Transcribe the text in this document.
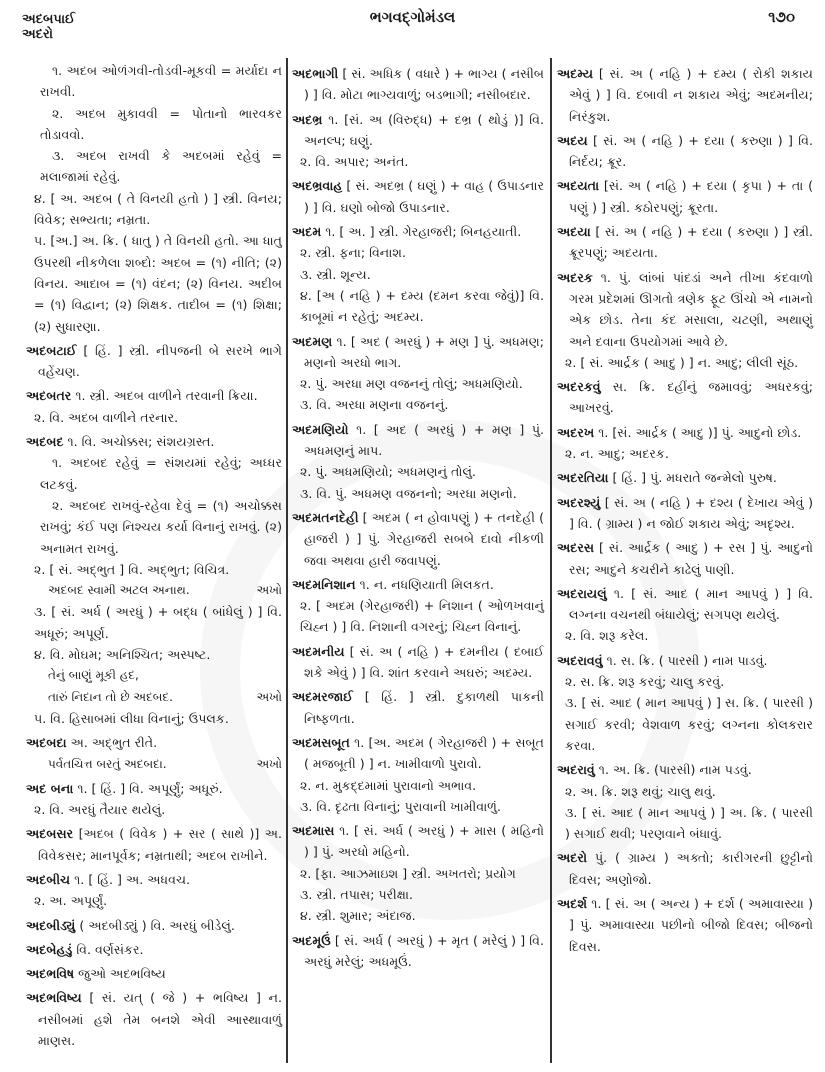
અદબપાઈ
અદરો
ભગવદ્ગોમંડલ	૧૭૦

૧. અદબ ઓળંગવી-તોડવી-મૂકવી = મર્યાદા ન રાખવી.

૨. અદબ મુકાવવી = પોતાનો ભારવકર તોડાવવો.

૩. અદબ રાખવી કે અદબમાં રહેવું = મલાજામાં રહેવું.

૪. [ અ. અદબ ( તે વિનયી હતો ) ] સ્ત્રી. વિનય; વિવેક; સભ્યતા; નમ્રતા.

૫. [અ.] અ. ક્રિ. ( ધાતુ ) તે વિનયી હતો. આ ધાતુ ઉપરથી નીકળેલા શબ્દો: અદબ = (૧) નીતિ; (૨) વિનય. આદાબ = (૧) વંદન; (૨) વિનય. અદીબ = (૧) વિદ્વાન; (૨) શિક્ષક. તાદીબ = (૧) શિક્ષા; (૨) સુધારણા.

અદબટાઈ [ હિં. ] સ્ત્રી. નીપજની બે સરખે ભાગે વહેંચણ.

અદબતર ૧. સ્ત્રી. અદબ વાળીને તરવાની ક્રિયા.

૨. વિ. અદબ વાળીને તરનાર.

અદબદ ૧. વિ. અચોક્કસ; સંશયગ્રસ્ત.

૧. અદબદ રહેવું = સંશયમાં રહેવું; અધ્ધર લટકવું.

૨. અદબદ રાખવું-રહેવા દેવું = (૧) અચોક્કસ રાખવું; કંઈ પણ નિશ્ચય કર્યા વિનાનું રાખવું. (૨) અનામત રાખવું.

૨. [ સં. અદ્ભુત ] વિ. અદ્ભુત; વિચિત્ર.

અદબદ સ્વામી અટલ અનાથ.	અખો

૩. [ સં. અર્ધ ( અરધું ) + બદ્ધ ( બાંધેલું ) ] વિ. અધૂરું; અપૂર્ણ.

૪. વિ. મોઘમ; અનિશ્ચિત; અસ્પષ્ટ.

તેનું બાણું મૂકી હદ,

તારું નિદાન તો છે અદબદ.	અખો

૫. વિ. હિસાબમાં લીધા વિનાનું; ઉપલક.

અદબદા અ. અદ્ભુત રીતે.

પર્વતચિત્ત બરતું અદબદા.	અખો

અદ બના ૧. [ હિં. ] વિ. અપૂર્ણું; અધૂરું.

૨. વિ. અરધું તૈયાર થયેલું.

અદબસર [અદબ ( વિવેક ) + સર ( સાથે )] અ. વિવેકસર; માનપૂર્વક; નમ્રતાથી; અદબ રાખીને.

અદબીચ ૧. [ હિં. ] અ. અધવચ.

૨. અ. અપૂર્ણું.

અદબીડ્યું ( અદબીડ્યું ) વિ. અરધું બીડેલું.

અદબેહડું વિ. વર્ણસંકર.

અદભવિષ જુઓ અદભવિષ્ય

અદભવિષ્ય [ સં. યત્ ( જે ) + ભવિષ્ય ] ન. નસીબમાં હશે તેમ બનશે એવી આસ્થાવાળું માણસ.

અદભાગી [ સં. અધિક ( વધારે ) + ભાગ્ય ( નસીબ ) ] વિ. મોટા ભાગ્યવાળું; બડભાગી; નસીબદાર.

અદભ્ર ૧. [સં. અ (વિરુદ્ધ) + દભ્ર ( થોડું )] વિ. અનલ્પ; ઘણું.

૨. વિ. અપાર; અનંત.

અદભ્રવાહ [ સં. અદભ્ર ( ઘણું ) + વાહ ( ઉપાડનાર ) ] વિ. ઘણો બોજો ઉપાડનાર.

અદમ ૧. [ અ. ] સ્ત્રી. ગેરહાજરી; બિનહયાતી.

૨. સ્ત્રી. ફના; વિનાશ.

૩. સ્ત્રી. શૂન્ય.

૪. [અ ( નહિ ) + દમ્ય (દમન કરવા જેવું)] વિ. કાબૂમાં ન રહેતું; અદમ્ય.

અદમણ ૧. [ અદ ( અરધું ) + મણ ] પું. અધમણ; મણનો અરધો ભાગ.

૨. પું. અરધા મણ વજનનું તોલું; અધમણિયો.

૩. વિ. અરધા મણના વજનનું.

અદમણિયો ૧. [ અદ ( અરધું ) + મણ ] પું. અધમણનું માપ.

૨. પું. અધમણિયો; અધમણનું તોલું.

૩. વિ. પું. અધમણ વજનનો; અરધા મણનો.

અદમતનદેહી [ અદમ ( ન હોવાપણું ) + તનદેહી ( હાજરી ) ] પું. ગેરહાજરી સબબે દાવો નીકળી જવા અથવા હારી જવાપણું.

અદમનિશાન ૧. ન. નધણિયાતી મિલકત.

૨. [ અદમ (ગેરહાજરી) + નિશાન ( ઓળખવાનું ચિહ્ન ) ] વિ. નિશાની વગરનું; ચિહ્ન વિનાનું.

અદમનીય [ સં. અ ( નહિ ) + દમનીય ( દબાઈ શકે એવું ) ] વિ. શાંત કરવાને અઘરું; અદમ્ય.

અદમરજાઈ [ હિં. ] સ્ત્રી. દુકાળથી પાકની નિષ્ફળતા.

અદમસબૂત ૧. [અ. અદમ ( ગેરહાજરી ) + સબૂત ( મજબૂતી ) ] ન. ખામીવાળો પુરાવો.

૨. ન. મુકદ્દમામાં પુરાવાનો અભાવ.

૩. વિ. દૃઢતા વિનાનું; પુરાવાની ખામીવાળું.

અદમાસ ૧. [ સં. અર્ધ ( અરધું ) + માસ ( મહિનો ) ] પું. અરધો મહિનો.

૨. [ફા. આઝમાઇશ ] સ્ત્રી. અખતરો; પ્રયોગ

૩. સ્ત્રી. તપાસ; પરીક્ષા.

૪. સ્ત્રી. શુમાર; અંદાજ.

અદમૂઉં [ સં. અર્ધ ( અરધું ) + મૃત ( મરેલું ) ] વિ. અરધું મરેલું; અધમૂઉં.

અદમ્ય [ સં. અ ( નહિ ) + દમ્ય ( રોકી શકાય એવું ) ] વિ. દબાવી ન શકાય એવું; અદમનીય; નિરંકુશ.

અદય [ સં. અ ( નહિ ) + દયા ( કરુણા ) ] વિ. નિર્દય; ક્રૂર.

અદયતા [સં. અ ( નહિ ) + દયા ( કૃપા ) + તા ( પણું ) ] સ્ત્રી. કઠોરપણું; ક્રૂરતા.

અદયા [ સં. અ ( નહિ ) + દયા ( કરુણા ) ] સ્ત્રી. ક્રૂરપણું; અદયતા.

અદરક ૧. પું. લાંબાં પાંદડાં અને તીખા કંદવાળો ગરમ પ્રદેશમાં ઊગતો ત્રણેક ફૂટ ઊંચો એ નામનો એક છોડ. તેના કંદ મસાલા, ચટણી, અથાણું અને દવાના ઉપયોગમાં આવે છે.

૨. [ સં. આર્દ્રક ( આદુ ) ] ન. આદુ; લીલી સૂંઠ.

અદરકવું સ. ક્રિ. દહીંનું જમાવવું; અધરકવું; આખરવું.

અદરખ ૧. [સં. આર્દ્રક ( આદુ )] પું. આદુનો છોડ.

૨. ન. આદુ; અદરક.

અદરતિયા [ હિં. ] પું. મધરાતે જન્મેલો પુરુષ.

અદરશ્યું [ સં. અ ( નહિ ) + દશ્ય ( દેખાય એવું ) ] વિ. ( ગ્રામ્ય ) ન જોઈ શકાય એવું; અદૃશ્ય.

અદરસ [ સં. આર્દ્રક ( આદુ ) + રસ ] પું. આદુનો રસ; આદુને કચરીને કાઢેલું પાણી.

અદરાયલું ૧. [ સં. આદ ( માન આપવું ) ] વિ. લગ્નના વચનથી બંધાયેલું; સગપણ થયેલું.

૨. વિ. શરૂ કરેલ.

અદરાવવું ૧. સ. ક્રિ. ( પારસી ) નામ પાડવું.

૨. સ. ક્રિ. શરૂ કરવું; ચાલુ કરવું.

૩. [ સં. આદ ( માન આપવું ) ] સ. ક્રિ. ( પારસી ) સગાઈ કરવી; વેશવાળ કરવું; લગ્નના કોલકરાર કરવા.

અદરાવું ૧. અ. ક્રિ. (પારસી) નામ પડવું.

૨. અ. ક્રિ. શરૂ થવું; ચાલુ થવું.

૩. [ સં. આદ ( માન આપવું ) ] અ. ક્રિ. ( પારસી ) સગાઈ થવી; પરણવાને બંધાવું.

અદરો પું. ( ગ્રામ્ય ) અક્તો; કારીગરની છુટ્ટીનો દિવસ; અણોજો.

અદર્શ ૧. [ સં. અ ( અન્ય ) + દર્શ ( અમાવાસ્યા ) ] પું. અમાવાસ્યા પછીનો બીજો દિવસ; બીજનો દિવસ.
